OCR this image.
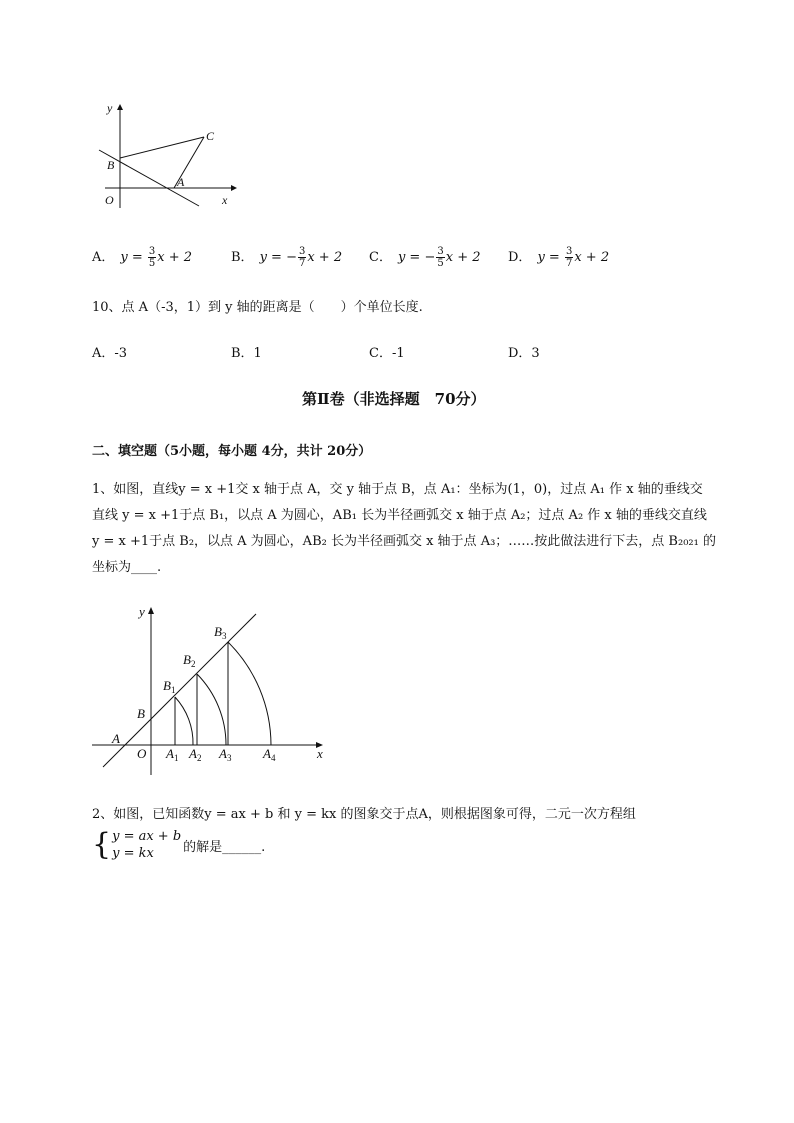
y
x
O
B
A
C
A． $y = \frac{3}{5}$ x + 2	B． y = − $\frac{3}{7}$ x + 2 C． y = − $\frac{3}{5}$ x + 2 D． $y = \frac{3}{7}$ x + 2
10、点 A（-3，1）到 y 轴的距离是（　　）个单位长度.
A．-3	B．1	C．-1	D．3
第Ⅱ卷（非选择题　70分）
二、填空题（5小题，每小题 4分，共计 20分）
1、如图，直线y = x +1交 x 轴于点 A，交 y 轴于点 B，点 A₁：坐标为(1，0)，过点 A₁ 作 x 轴的垂线交
直线 y = x +1于点 B₁，以点 A 为圆心，AB₁ 长为半径画弧交 x 轴于点 A₂；过点 A₂ 作 x 轴的垂线交直线
y = x +1于点 B₂，以点 A 为圆心，AB₂ 长为半径画弧交 x 轴于点 A₃；……按此做法进行下去，点 B₂₀₂₁ 的
坐标为____.
y
x
O
A
B
$B_1$
$B_2$
$B_3$
$A_1$ $A_2$ $A_3$ $A_4$
2、如图，已知函数y = ax + b 和 y = kx 的图象交于点A，则根据图象可得，二元一次方程组
{ y = ax + b
y = kx	的解是______.
